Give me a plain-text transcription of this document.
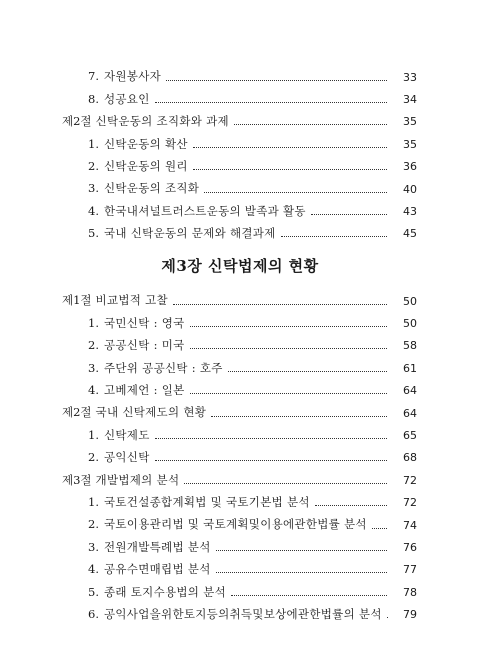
7. 자원봉사자	33
8. 성공요인	34
제2절 신탁운동의 조직화와 과제	35
1. 신탁운동의 확산	35
2. 신탁운동의 원리	36
3. 신탁운동의 조직화	40
4. 한국내셔널트러스트운동의 발족과 활동	43
5. 국내 신탁운동의 문제와 해결과제	45
제3장 신탁법제의 현황
제1절 비교법적 고찰	50
1. 국민신탁 : 영국	50
2. 공공신탁 : 미국	58
3. 주단위 공공신탁 : 호주	61
4. 고베제언 : 일본	64
제2절 국내 신탁제도의 현황	64
1. 신탁제도	65
2. 공익신탁	68
제3절 개발법제의 분석	72
1. 국토건설종합계획법 및 국토기본법 분석	72
2. 국토이용관리법 및 국토계획및이용에관한법률 분석	74
3. 전원개발특례법 분석	76
4. 공유수면매립법 분석	77
5. 종래 토지수용법의 분석	78
6. 공익사업을위한토지등의취득및보상에관한법률의 분석	79
